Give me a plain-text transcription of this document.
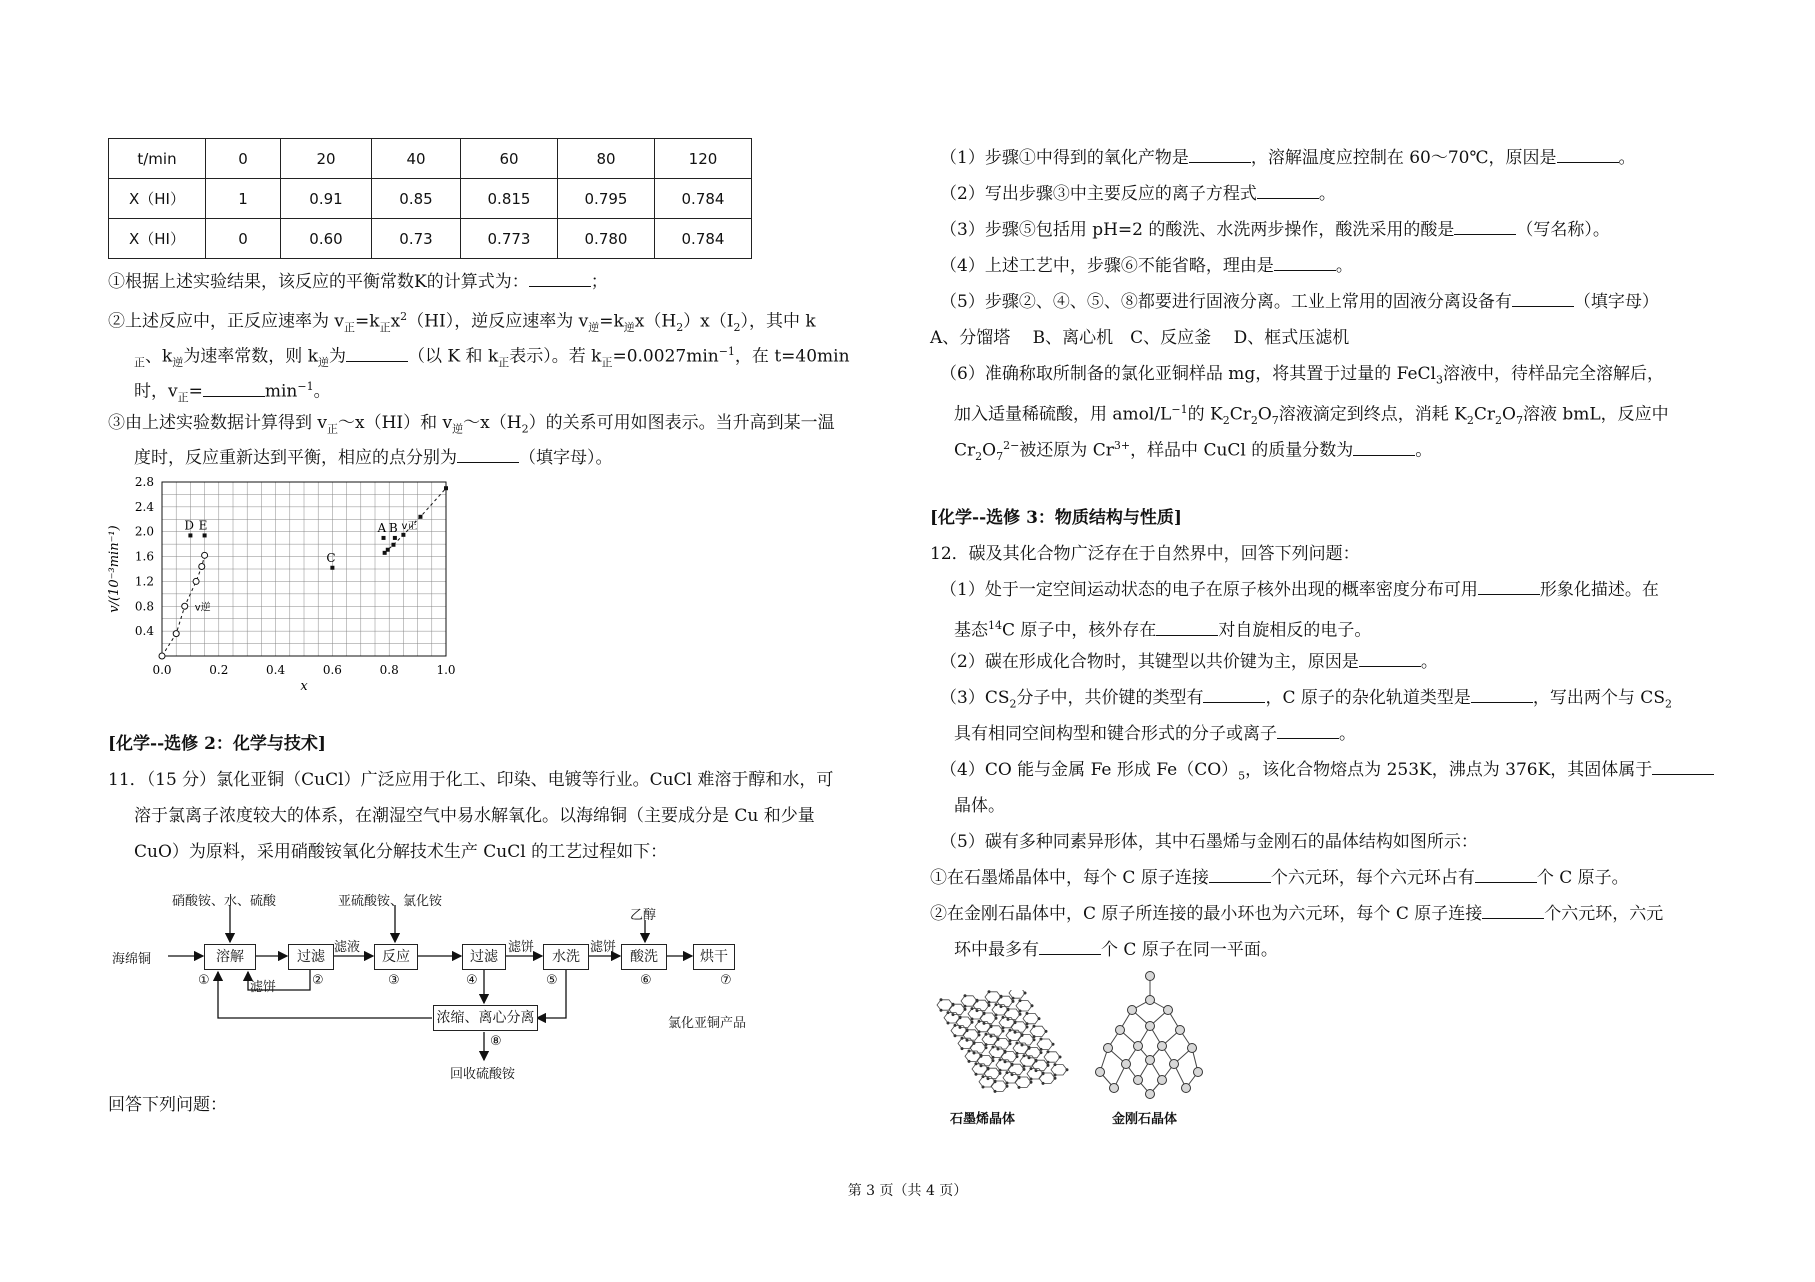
t/min	0	20	40	60	80	120
X（HI）	1	0.91	0.85	0.815	0.795	0.784
X（HI）	0	0.60	0.73	0.773	0.780	0.784
①根据上述实验结果，该反应的平衡常数K的计算式为：	；
②上述反应中，正反应速率为 $v_正=k_正x^2(HI)$，逆反应速率为 $v_逆=k_逆x(H_2)x(I_2)$，其中 k
$_正$、$k_逆$为速率常数，则 $k_逆$为	（以 K 和 $k_正$表示）。若 $k_正=0.0027\min^{-1}$，在 t=40min
时，$v_正=$	$\min^{-1}$。
③由上述实验数据计算得到 $v_正\sim x(HI)$和 $v_逆\sim x(H_2)$的关系可用如图表示。当升高到某一温
度时，反应重新达到平衡，相应的点分别为	（填字母）。
0.0	0.2	0.4	0.6	0.8	1.0
0.4
0.8
1.2
1.6
2.0
2.4
2.8
x
v/(10⁻³min⁻¹)	v正
v逆
A B
C
D E
[化学--选修 2：化学与技术]
11．（15 分）氯化亚铜（CuCl）广泛应用于化工、印染、电镀等行业。CuCl 难溶于醇和水，可
溶于氯离子浓度较大的体系，在潮湿空气中易水解氧化。以海绵铜（主要成分是 Cu 和少量
CuO）为原料，采用硝酸铵氧化分解技术生产 CuCl 的工艺过程如下：
硝酸铵、水、硫酸	亚硫酸铵、氯化铵
乙醇
海绵铜	溶解	过滤	反应	过滤	水洗	酸洗	烘干
①	②	③	④	⑤	⑥	⑦
滤液
滤饼
滤饼	滤饼
浓缩、离心分离
⑧
回收硫酸铵
氯化亚铜产品
回答下列问题：
（1）步骤①中得到的氧化产物是	，溶解温度应控制在 60～70℃，原因是	。
（2）写出步骤③中主要反应的离子方程式	。
（3）步骤⑤包括用 pH=2 的酸洗、水洗两步操作，酸洗采用的酸是	（写名称）。
（4）上述工艺中，步骤⑥不能省略，理由是	。
（5）步骤②、④、⑤、⑧都要进行固液分离。工业上常用的固液分离设备有	（填字母）
A、分馏塔　 B、离心机　C、反应釜　 D、框式压滤机
（6）准确称取所制备的氯化亚铜样品 mg，将其置于过量的 FeCl$_3$溶液中，待样品完全溶解后，
加入适量稀硫酸，用 amol/$L^{-1}$的 $K_2Cr_2O_7$溶液滴定到终点，消耗 $K_2Cr_2O_7$溶液 bmL，反应中
$Cr_2O_7^{2-}$被还原为 $Cr^{3+}$，样品中 CuCl 的质量分数为	。
[化学--选修 3：物质结构与性质]
12．碳及其化合物广泛存在于自然界中，回答下列问题：
（1）处于一定空间运动状态的电子在原子核外出现的概率密度分布可用	形象化描述。在
基态$^{14}$C 原子中，核外存在	对自旋相反的电子。
（2）碳在形成化合物时，其键型以共价键为主，原因是	。
$(3)CS_2$分子中，共价键的类型有	，C 原子的杂化轨道类型是	，写出两个与 $CS_2$
具有相同空间构型和键合形式的分子或离子	。
（4）CO 能与金属 Fe 形成 $Fe(CO)_5$，该化合物熔点为 253K，沸点为 376K，其固体属于
晶体。
（5）碳有多种同素异形体，其中石墨烯与金刚石的晶体结构如图所示：
①在石墨烯晶体中，每个 C 原子连接	个六元环，每个六元环占有	个 C 原子。
②在金刚石晶体中，C 原子所连接的最小环也为六元环，每个 C 原子连接	个六元环，六元
环中最多有	个 C 原子在同一平面。
石墨烯晶体	金刚石晶体
第 3 页（共 4 页）
